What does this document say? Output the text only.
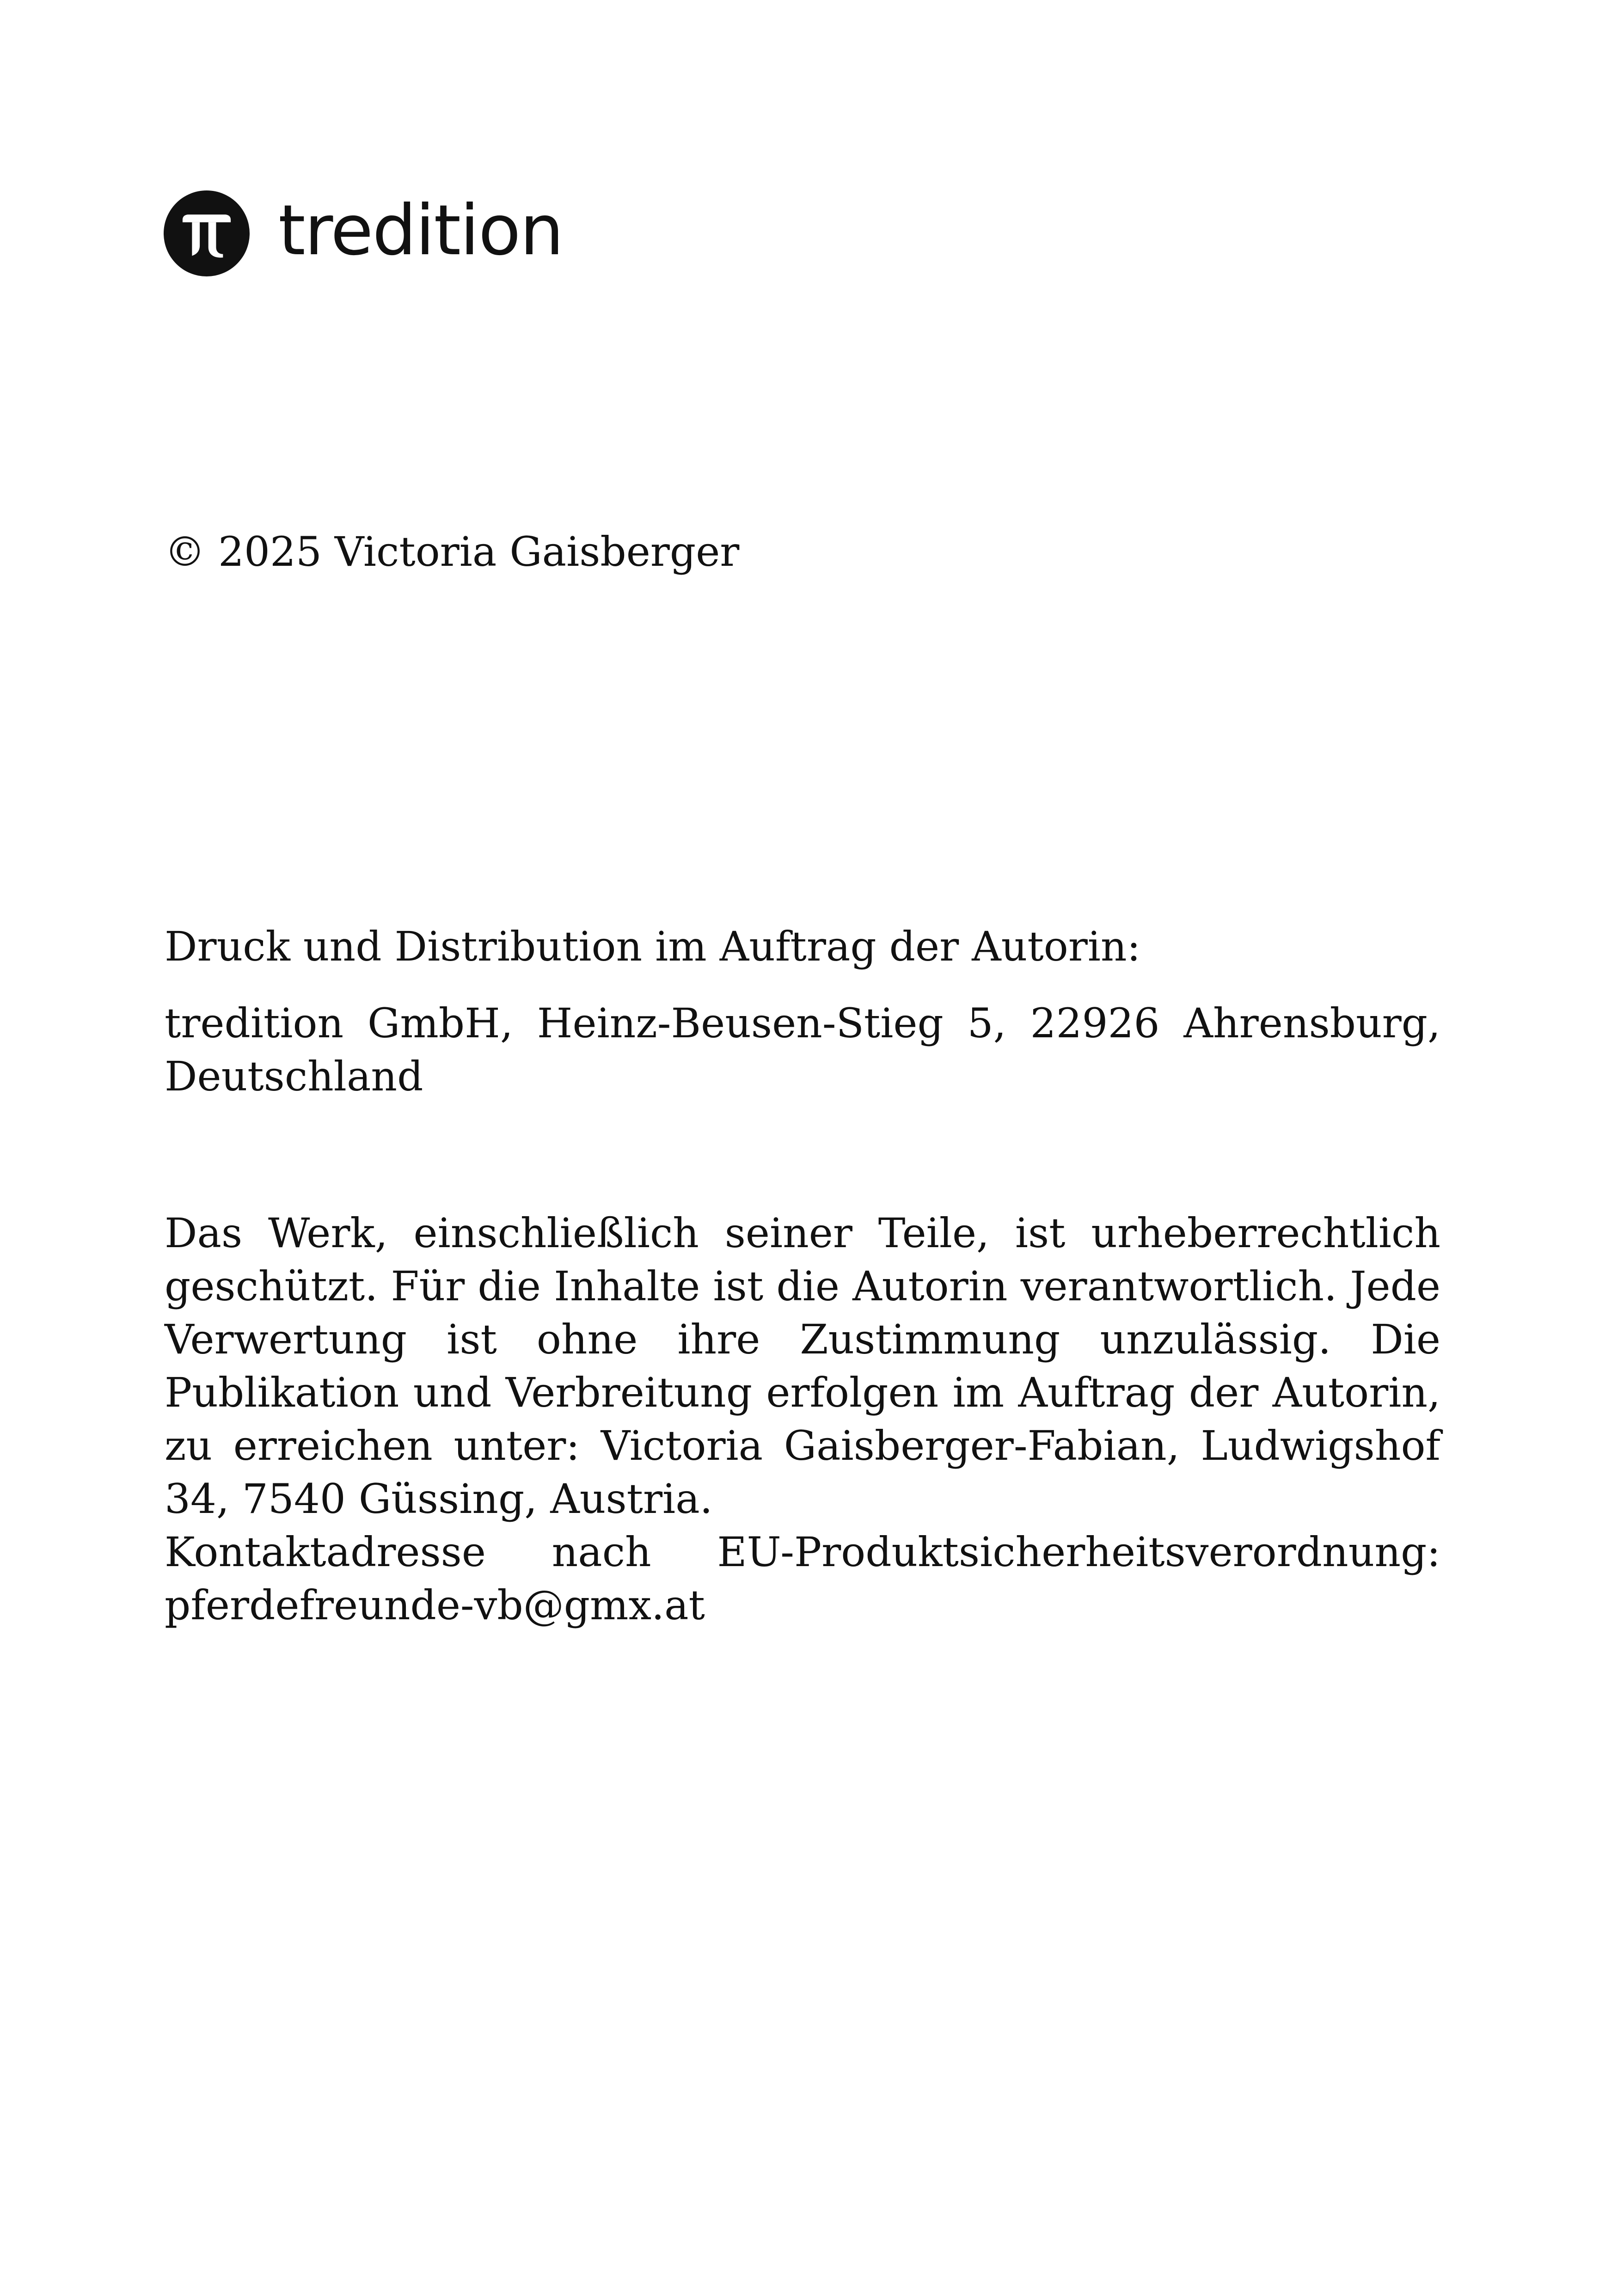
tredition
© 2025 Victoria Gaisberger
Druck und Distribution im Auftrag der Autorin:
tredition GmbH, Heinz-Beusen-Stieg 5, 22926 Ahrensburg, Deutschland
Das Werk, einschließlich seiner Teile, ist urheberrechtlich geschützt. Für die Inhalte ist die Autorin verantwortlich. Jede Verwertung ist ohne ihre Zustimmung unzulässig. Die Publikation und Verbreitung erfolgen im Auftrag der Autorin, zu erreichen unter: Victoria Gaisberger-Fabian, Ludwigshof 34, 7540 Güssing, Austria.
Kontaktadresse nach EU-Produktsicherheitsverordnung:
pferdefreunde-vb@gmx.at
